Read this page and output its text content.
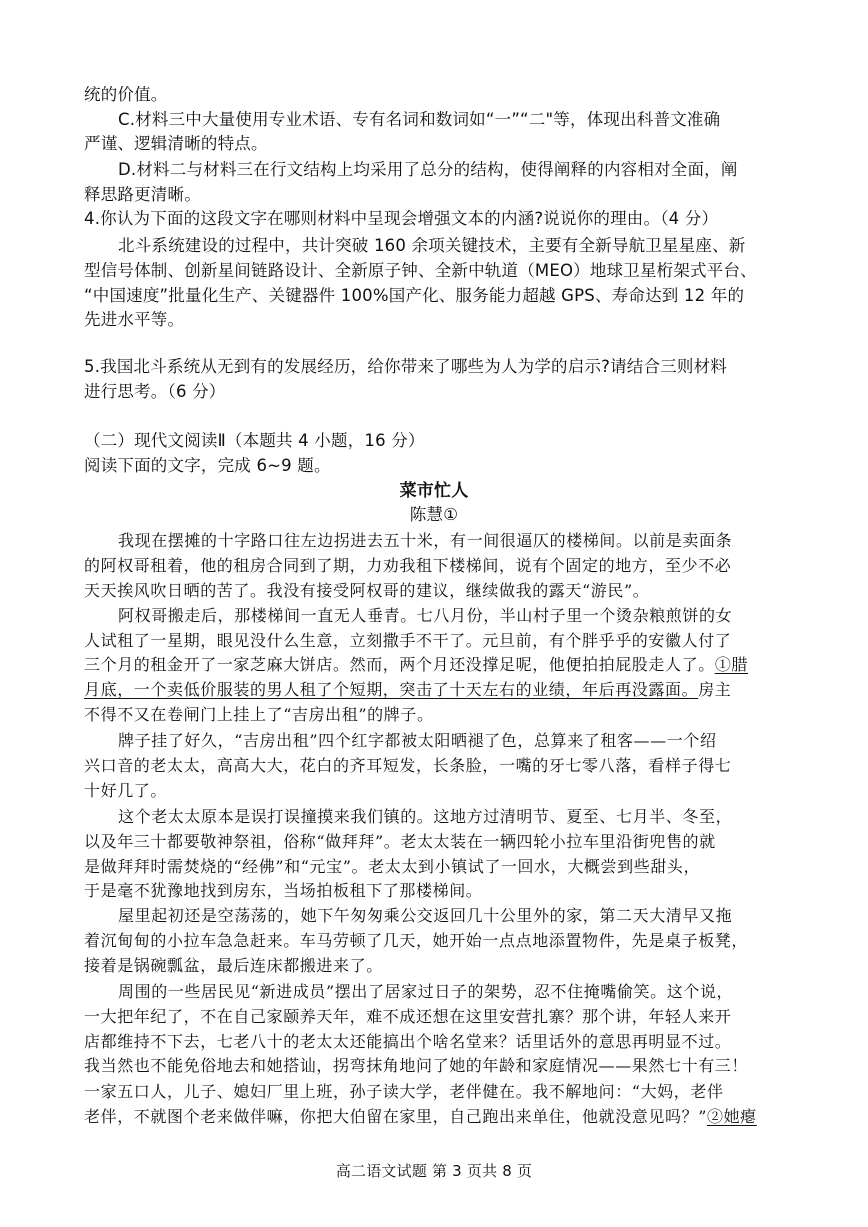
统的价值。
C.材料三中大量使用专业术语、专有名词和数词如“一”“二"等，体现出科普文准确
严谨、逻辑清晰的特点。
D.材料二与材料三在行文结构上均采用了总分的结构，使得阐释的内容相对全面，阐
释思路更清晰。
4.你认为下面的这段文字在哪则材料中呈现会增强文本的内涵?说说你的理由。（4 分）
北斗系统建设的过程中，共计突破 160 余项关键技术，主要有全新导航卫星星座、新
型信号体制、创新星间链路设计、全新原子钟、全新中轨道（MEO）地球卫星桁架式平台、
“中国速度”批量化生产、关键器件 100%国产化、服务能力超越 GPS、寿命达到 12 年的
先进水平等。
5.我国北斗系统从无到有的发展经历，给你带来了哪些为人为学的启示?请结合三则材料
进行思考。（6 分）
（二）现代文阅读Ⅱ（本题共 4 小题，16 分）
阅读下面的文字，完成 6~9 题。
菜市忙人
陈慧①
我现在摆摊的十字路口往左边拐进去五十米，有一间很逼仄的楼梯间。以前是卖面条
的阿权哥租着，他的租房合同到了期，力劝我租下楼梯间，说有个固定的地方，至少不必
天天挨风吹日晒的苦了。我没有接受阿权哥的建议，继续做我的露天“游民”。
阿权哥搬走后，那楼梯间一直无人垂青。七八月份，半山村子里一个烫杂粮煎饼的女
人试租了一星期，眼见没什么生意，立刻撒手不干了。元旦前，有个胖乎乎的安徽人付了
三个月的租金开了一家芝麻大饼店。然而，两个月还没撑足呢，他便拍拍屁股走人了。①腊
月底，一个卖低价服装的男人租了个短期，突击了十天左右的业绩，年后再没露面。房主
不得不又在卷闸门上挂上了“吉房出租”的牌子。
牌子挂了好久，“吉房出租”四个红字都被太阳晒褪了色，总算来了租客——一个绍
兴口音的老太太，高高大大，花白的齐耳短发，长条脸，一嘴的牙七零八落，看样子得七
十好几了。
这个老太太原本是误打误撞摸来我们镇的。这地方过清明节、夏至、七月半、冬至，
以及年三十都要敬神祭祖，俗称“做拜拜”。老太太装在一辆四轮小拉车里沿街兜售的就
是做拜拜时需焚烧的“经佛”和“元宝”。老太太到小镇试了一回水，大概尝到些甜头，
于是毫不犹豫地找到房东，当场拍板租下了那楼梯间。
屋里起初还是空荡荡的，她下午匆匆乘公交返回几十公里外的家，第二天大清早又拖
着沉甸甸的小拉车急急赶来。车马劳顿了几天，她开始一点点地添置物件，先是桌子板凳，
接着是锅碗瓢盆，最后连床都搬进来了。
周围的一些居民见“新进成员”摆出了居家过日子的架势，忍不住掩嘴偷笑。这个说，
一大把年纪了，不在自己家颐养天年，难不成还想在这里安营扎寨？那个讲，年轻人来开
店都维持不下去，七老八十的老太太还能搞出个啥名堂来？话里话外的意思再明显不过。
我当然也不能免俗地去和她搭讪，拐弯抹角地问了她的年龄和家庭情况——果然七十有三！
一家五口人，儿子、媳妇厂里上班，孙子读大学，老伴健在。我不解地问：“大妈，老伴
老伴，不就图个老来做伴嘛，你把大伯留在家里，自己跑出来单住，他就没意见吗？”②她瘪
高二语文试题 第 3 页共 8 页
